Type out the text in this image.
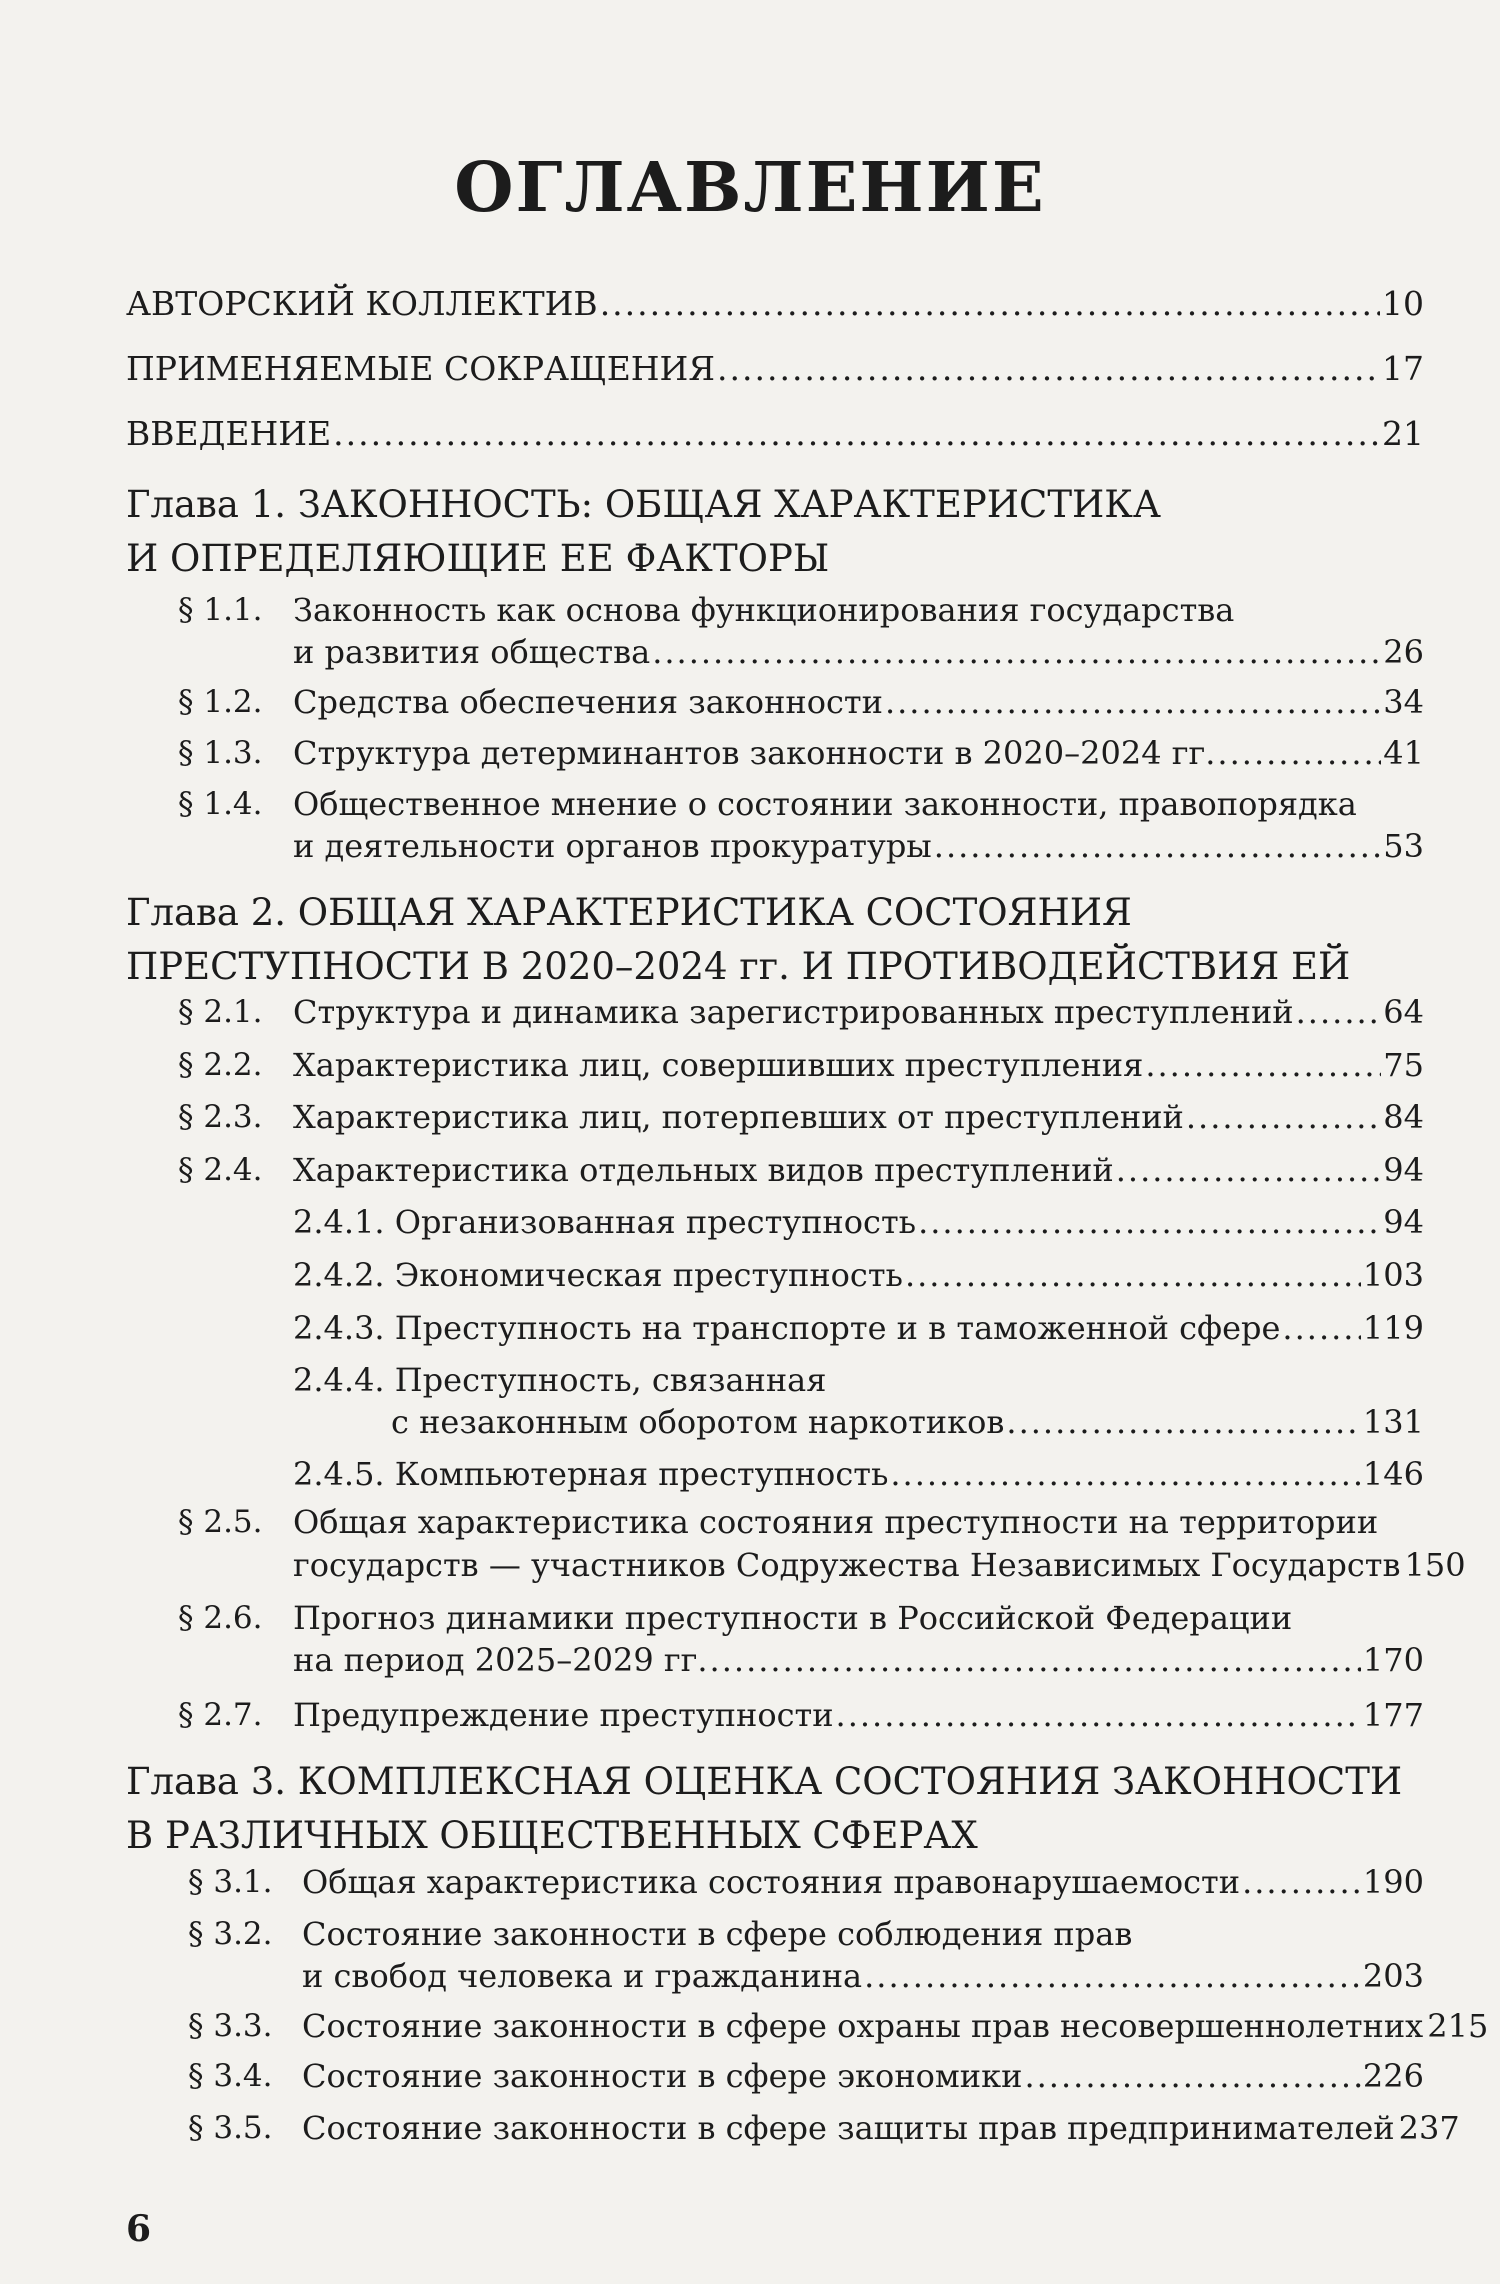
ОГЛАВЛЕНИЕ
АВТОРСКИЙ КОЛЛЕКТИВ .....	10
ПРИМЕНЯЕМЫЕ СОКРАЩЕНИЯ .....	17
ВВЕДЕНИЕ .....	21
Глава 1. ЗАКОННОСТЬ: ОБЩАЯ ХАРАКТЕРИСТИКА
И ОПРЕДЕЛЯЮЩИЕ ЕЕ ФАКТОРЫ
§ 1.1. Законность как основа функционирования государства
и развития общества .....	26
§ 1.2. Средства обеспечения законности .....	34
§ 1.3. Структура детерминантов законности в 2020–2024 гг. .....	41
§ 1.4. Общественное мнение о состоянии законности, правопорядка
и деятельности органов прокуратуры .....	53
Глава 2. ОБЩАЯ ХАРАКТЕРИСТИКА СОСТОЯНИЯ
ПРЕСТУПНОСТИ В 2020–2024 гг. И ПРОТИВОДЕЙСТВИЯ ЕЙ
§ 2.1. Структура и динамика зарегистрированных преступлений .....	64
§ 2.2. Характеристика лиц, совершивших преступления .....	75
§ 2.3. Характеристика лиц, потерпевших от преступлений .....	84
§ 2.4. Характеристика отдельных видов преступлений .....	94
2.4.1. Организованная преступность .....	94
2.4.2. Экономическая преступность .....	103
2.4.3. Преступность на транспорте и в таможенной сфере .....	119
2.4.4. Преступность, связанная
с незаконным оборотом наркотиков .....	131
2.4.5. Компьютерная преступность .....	146
§ 2.5. Общая характеристика состояния преступности на территории
государств — участников Содружества Независимых Государств 150
§ 2.6. Прогноз динамики преступности в Российской Федерации
на период 2025–2029 гг. .....	170
§ 2.7. Предупреждение преступности .....	177
Глава 3. КОМПЛЕКСНАЯ ОЦЕНКА СОСТОЯНИЯ ЗАКОННОСТИ
В РАЗЛИЧНЫХ ОБЩЕСТВЕННЫХ СФЕРАХ
§ 3.1. Общая характеристика состояния правонарушаемости .....	190
§ 3.2. Состояние законности в сфере соблюдения прав
и свобод человека и гражданина .....	203
§ 3.3. Состояние законности в сфере охраны прав несовершеннолетних 215
§ 3.4. Состояние законности в сфере экономики .....	226
§ 3.5. Состояние законности в сфере защиты прав предпринимателей 237
6
